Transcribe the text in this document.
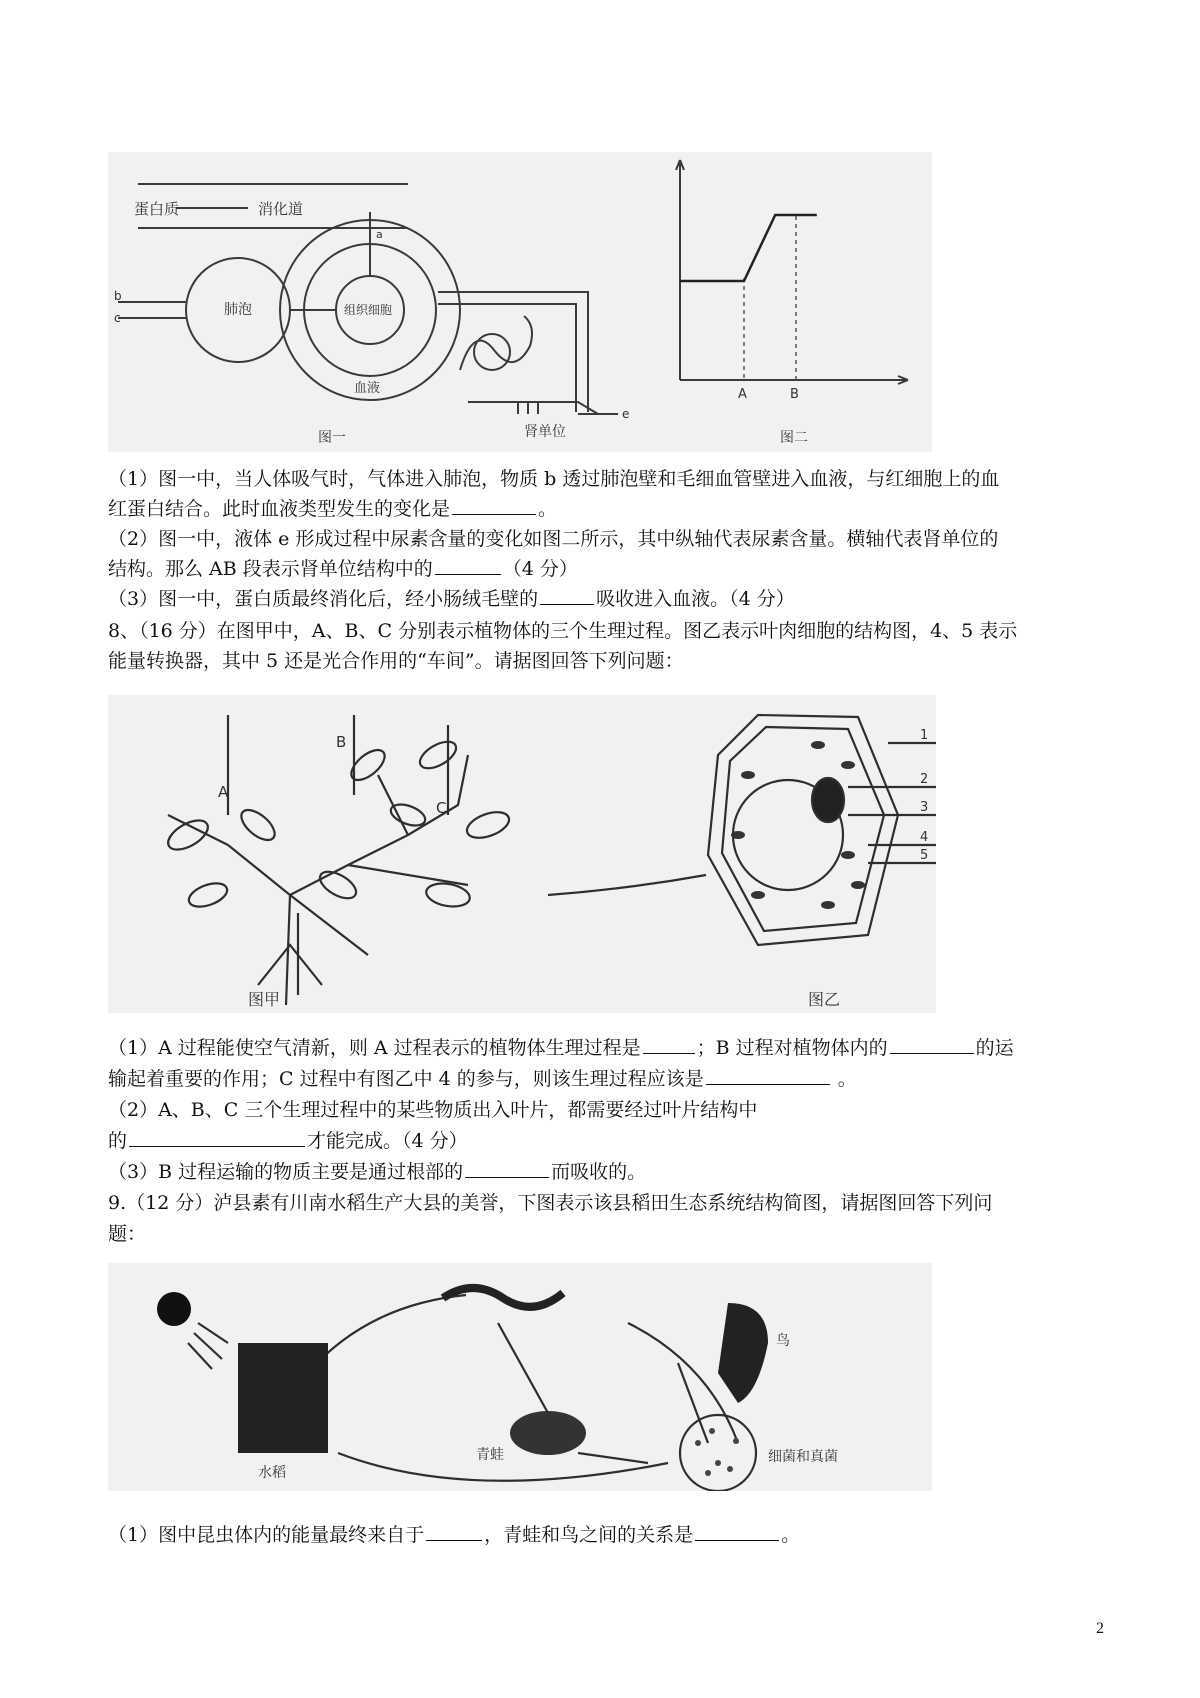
蛋白质	消化道
a
b
c
e
肺泡	组织细胞
血液
肾单位
图一	图二
A	B
（1）图一中，当人体吸气时，气体进入肺泡，物质 b 透过肺泡壁和毛细血管壁进入血液，与红细胞上的血
红蛋白结合。此时血液类型发生的变化是	。
（2）图一中，液体 e 形成过程中尿素含量的变化如图二所示，其中纵轴代表尿素含量。横轴代表肾单位的
结构。那么 AB 段表示肾单位结构中的	（4 分）
（3）图一中，蛋白质最终消化后，经小肠绒毛壁的	吸收进入血液。（4 分）
8、（16 分）在图甲中，A、B、C 分别表示植物体的三个生理过程。图乙表示叶肉细胞的结构图，4、5 表示
能量转换器，其中 5 还是光合作用的“车间”。请据图回答下列问题：
A
B
C
图甲	图乙
1
2
3
4
5
（1）A 过程能使空气清新，则 A 过程表示的植物体生理过程是	；B 过程对植物体内的	的运
输起着重要的作用；C 过程中有图乙中 4 的参与，则该生理过程应该是	。
（2）A、B、C 三个生理过程中的某些物质出入叶片，都需要经过叶片结构中
的	才能完成。（4 分）
（3）B 过程运输的物质主要是通过根部的	而吸收的。
9.（12 分）泸县素有川南水稻生产大县的美誉，下图表示该县稻田生态系统结构简图，请据图回答下列问
题：
水稻
青蛙
鸟
细菌和真菌
（1）图中昆虫体内的能量最终来自于	，青蛙和鸟之间的关系是	。
2
